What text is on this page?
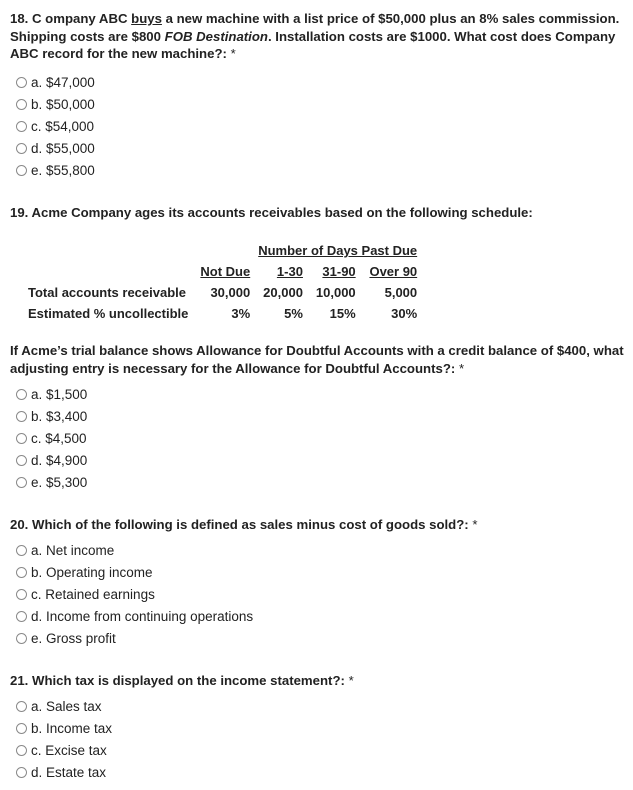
18. C ompany ABC buys a new machine with a list price of $50,000 plus an 8% sales commission. Shipping costs are $800 FOB Destination. Installation costs are $1000. What cost does Company ABC record for the new machine?: *

a. $47,000
b. $50,000
c. $54,000
d. $55,000
e. $55,800

19. Acme Company ages its accounts receivables based on the following schedule:

		Number of Days Past Due		
	Not Due	1-30	31-90	Over 90
Total accounts receivable	30,000	20,000	10,000	5,000
Estimated % uncollectible	3%	5%	15%	30%

If Acme’s trial balance shows Allowance for Doubtful Accounts with a credit balance of $400, what adjusting entry is necessary for the Allowance for Doubtful Accounts?: *

a. $1,500
b. $3,400
c. $4,500
d. $4,900
e. $5,300

20. Which of the following is defined as sales minus cost of goods sold?: *

a. Net income
b. Operating income
c. Retained earnings
d. Income from continuing operations
e. Gross profit

21. Which tax is displayed on the income statement?: *

a. Sales tax
b. Income tax
c. Excise tax
d. Estate tax
